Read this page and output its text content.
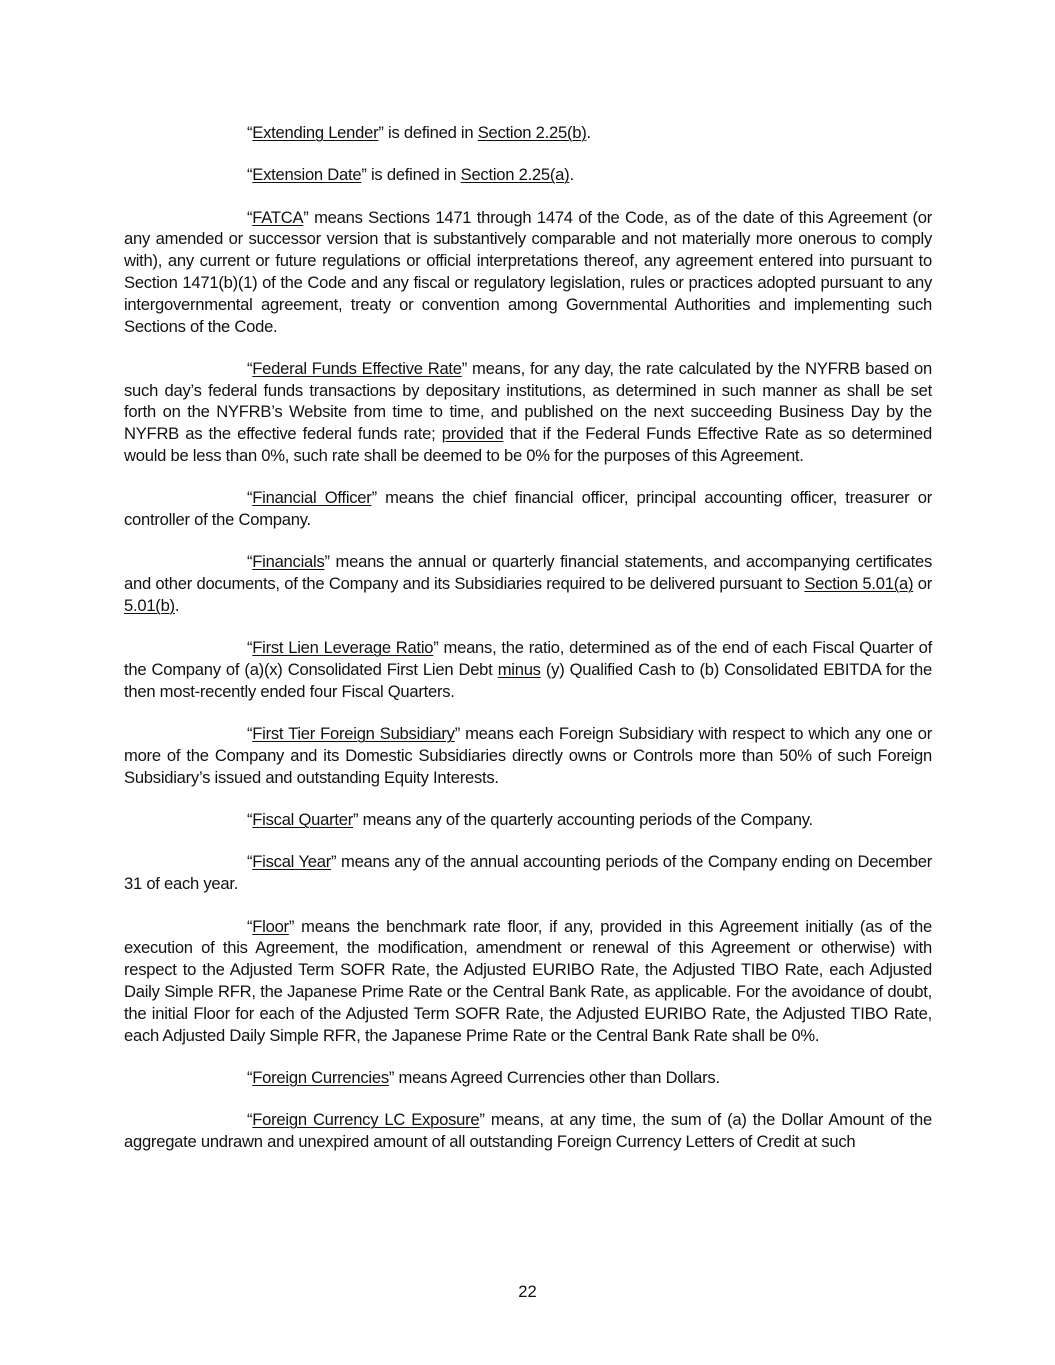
“Extending Lender” is defined in Section 2.25(b).

“Extension Date” is defined in Section 2.25(a).

“FATCA” means Sections 1471 through 1474 of the Code, as of the date of this Agreement (or any amended or successor version that is substantively comparable and not materially more onerous to comply with), any current or future regulations or official interpretations thereof, any agreement entered into pursuant to Section 1471(b)(1) of the Code and any fiscal or regulatory legislation, rules or practices adopted pursuant to any intergovernmental agreement, treaty or convention among Governmental Authorities and implementing such Sections of the Code.

“Federal Funds Effective Rate” means, for any day, the rate calculated by the NYFRB based on such day’s federal funds transactions by depositary institutions, as determined in such manner as shall be set forth on the NYFRB’s Website from time to time, and published on the next succeeding Business Day by the NYFRB as the effective federal funds rate; provided that if the Federal Funds Effective Rate as so determined would be less than 0%, such rate shall be deemed to be 0% for the purposes of this Agreement.

“Financial Officer” means the chief financial officer, principal accounting officer, treasurer or controller of the Company.

“Financials” means the annual or quarterly financial statements, and accompanying certificates and other documents, of the Company and its Subsidiaries required to be delivered pursuant to Section 5.01(a) or 5.01(b).

“First Lien Leverage Ratio” means, the ratio, determined as of the end of each Fiscal Quarter of the Company of (a)(x) Consolidated First Lien Debt minus (y) Qualified Cash to (b) Consolidated EBITDA for the then most-recently ended four Fiscal Quarters.

“First Tier Foreign Subsidiary” means each Foreign Subsidiary with respect to which any one or more of the Company and its Domestic Subsidiaries directly owns or Controls more than 50% of such Foreign Subsidiary’s issued and outstanding Equity Interests.

“Fiscal Quarter” means any of the quarterly accounting periods of the Company.

“Fiscal Year” means any of the annual accounting periods of the Company ending on December 31 of each year.

“Floor” means the benchmark rate floor, if any, provided in this Agreement initially (as of the execution of this Agreement, the modification, amendment or renewal of this Agreement or otherwise) with respect to the Adjusted Term SOFR Rate, the Adjusted EURIBO Rate, the Adjusted TIBO Rate, each Adjusted Daily Simple RFR, the Japanese Prime Rate or the Central Bank Rate, as applicable. For the avoidance of doubt, the initial Floor for each of the Adjusted Term SOFR Rate, the Adjusted EURIBO Rate, the Adjusted TIBO Rate, each Adjusted Daily Simple RFR, the Japanese Prime Rate or the Central Bank Rate shall be 0%.

“Foreign Currencies” means Agreed Currencies other than Dollars.

“Foreign Currency LC Exposure” means, at any time, the sum of (a) the Dollar Amount of the aggregate undrawn and unexpired amount of all outstanding Foreign Currency Letters of Credit at such

22
